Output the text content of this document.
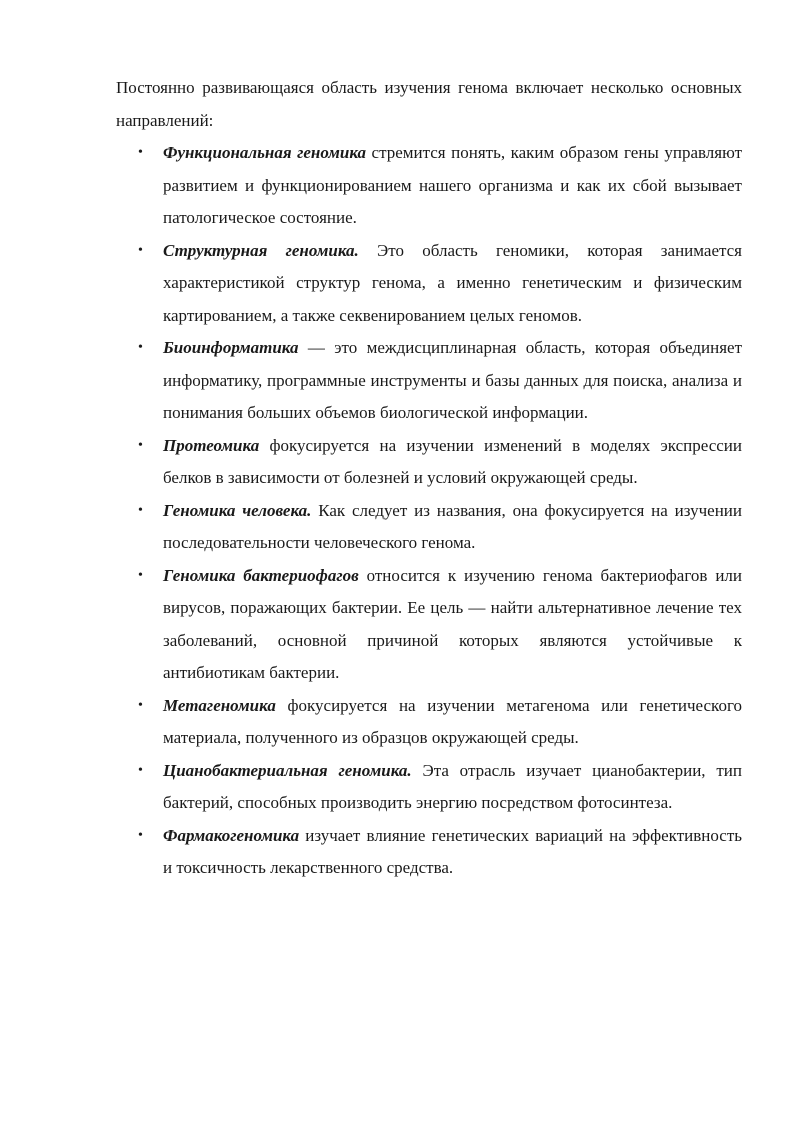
Постоянно развивающаяся область изучения генома включает несколько основных направлений:

• Функциональная геномика стремится понять, каким образом гены управляют развитием и функционированием нашего организма и как их сбой вызывает патологическое состояние.
• Структурная геномика. Это область геномики, которая занимается характеристикой структур генома, а именно генетическим и физическим картированием, а также секвенированием целых геномов.
• Биоинформатика — это междисциплинарная область, которая объединяет информатику, программные инструменты и базы данных для поиска, анализа и понимания больших объемов биологической информации.
• Протеомика фокусируется на изучении изменений в моделях экспрессии белков в зависимости от болезней и условий окружающей среды.
• Геномика человека. Как следует из названия, она фокусируется на изучении последовательности человеческого генома.
• Геномика бактериофагов относится к изучению генома бактериофагов или вирусов, поражающих бактерии. Ее цель — найти альтернативное лечение тех заболеваний, основной причиной которых являются устойчивые к антибиотикам бактерии.
• Метагеномика фокусируется на изучении метагенома или генетического материала, полученного из образцов окружающей среды.
• Цианобактериальная геномика. Эта отрасль изучает цианобактерии, тип бактерий, способных производить энергию посредством фотосинтеза.
• Фармакогеномика изучает влияние генетических вариаций на эффективность и токсичность лекарственного средства.
